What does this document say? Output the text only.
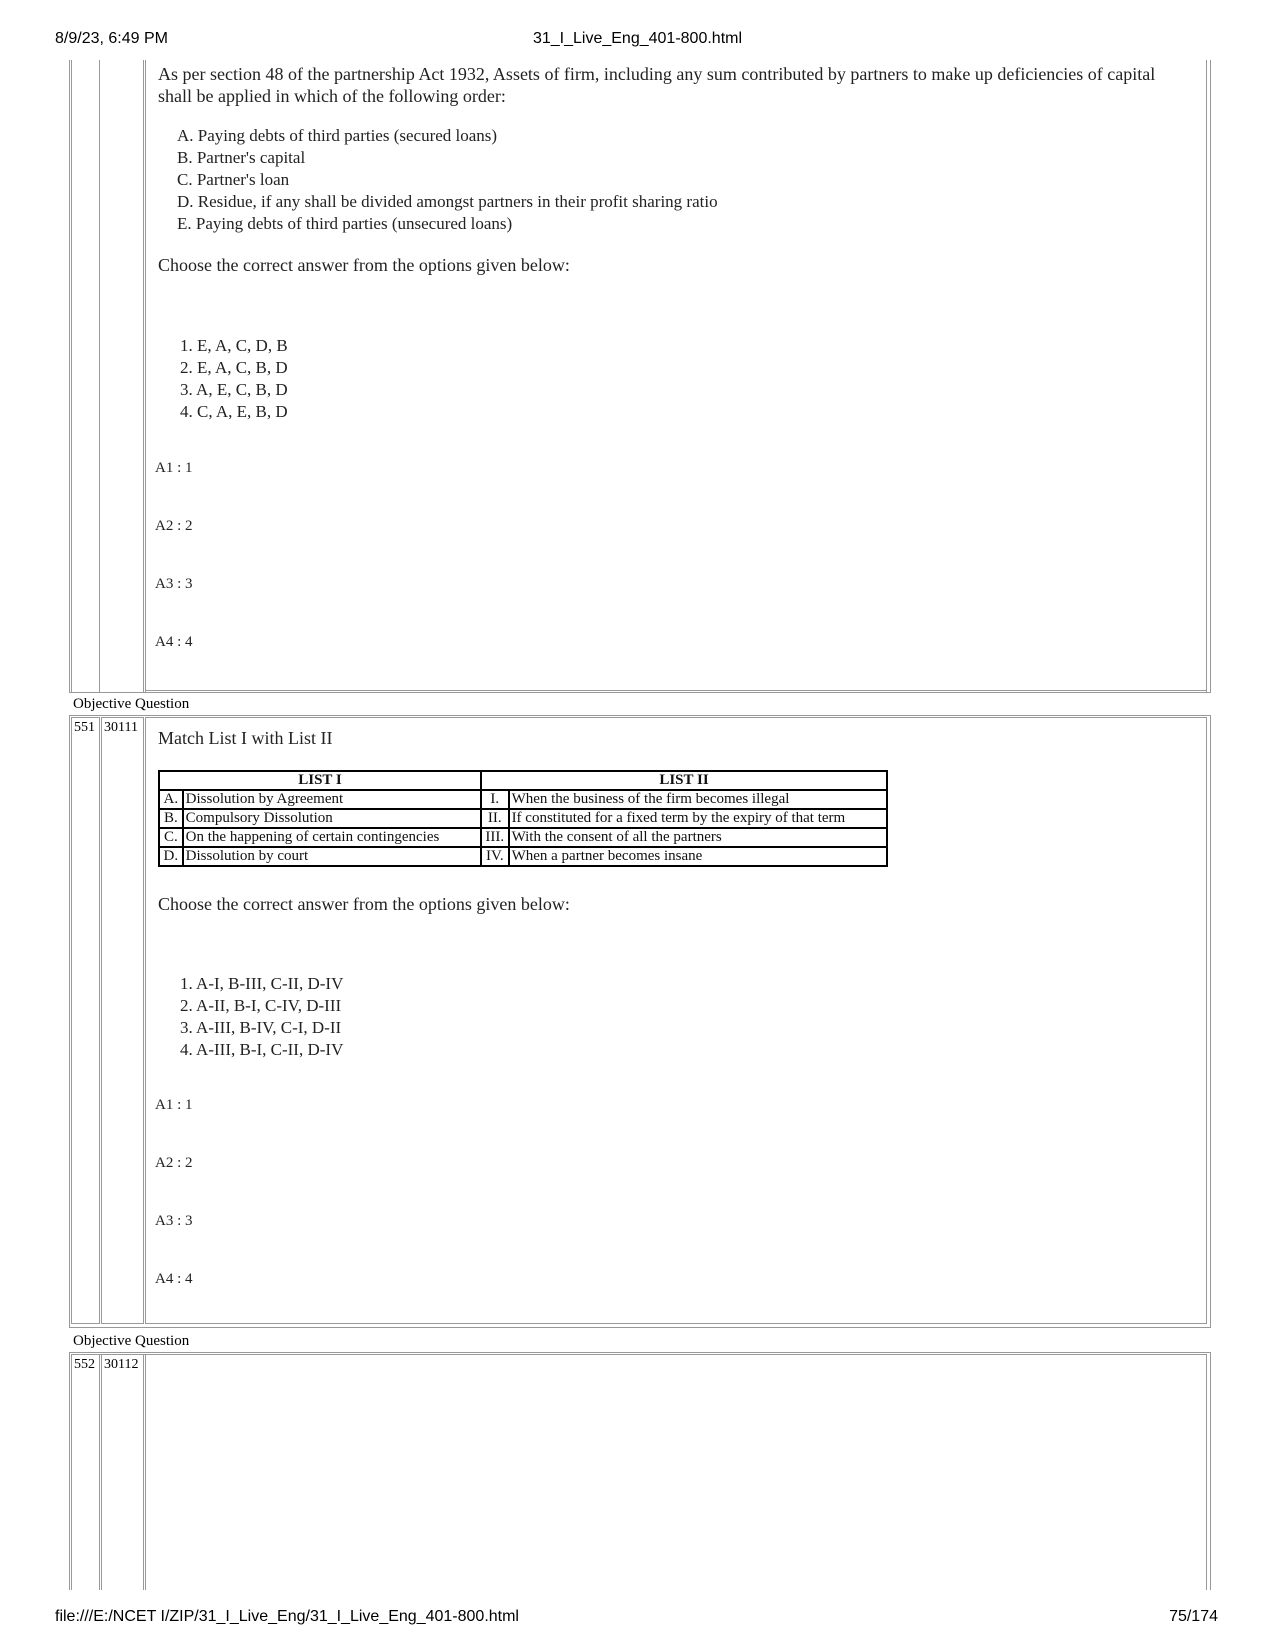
8/9/23, 6:49 PM	31_I_Live_Eng_401-800.html

As per section 48 of the partnership Act 1932, Assets of firm, including any sum contributed by partners to make up deficiencies of capital shall be applied in which of the following order:

A. Paying debts of third parties (secured loans)
B. Partner's capital
C. Partner's loan
D. Residue, if any shall be divided amongst partners in their profit sharing ratio
E. Paying debts of third parties (unsecured loans)
Choose the correct answer from the options given below:
1. E, A, C, D, B
2. E, A, C, B, D
3. A, E, C, B, D
4. C, A, E, B, D
A1 : 1
A2 : 2
A3 : 3
A4 : 4
Objective Question
551 30111
Match List I with List II
LIST I		LIST II	
A.	Dissolution by Agreement	I.	When the business of the firm becomes illegal
B.	Compulsory Dissolution	II.	If constituted for a fixed term by the expiry of that term
C.	On the happening of certain contingencies	III.	With the consent of all the partners
D.	Dissolution by court	IV.	When a partner becomes insane
Choose the correct answer from the options given below:
1. A-I, B-III, C-II, D-IV
2. A-II, B-I, C-IV, D-III
3. A-III, B-IV, C-I, D-II
4. A-III, B-I, C-II, D-IV
A1 : 1
A2 : 2
A3 : 3
A4 : 4
Objective Question
552 30112
file:///E:/NCET I/ZIP/31_I_Live_Eng/31_I_Live_Eng_401-800.html	75/174
